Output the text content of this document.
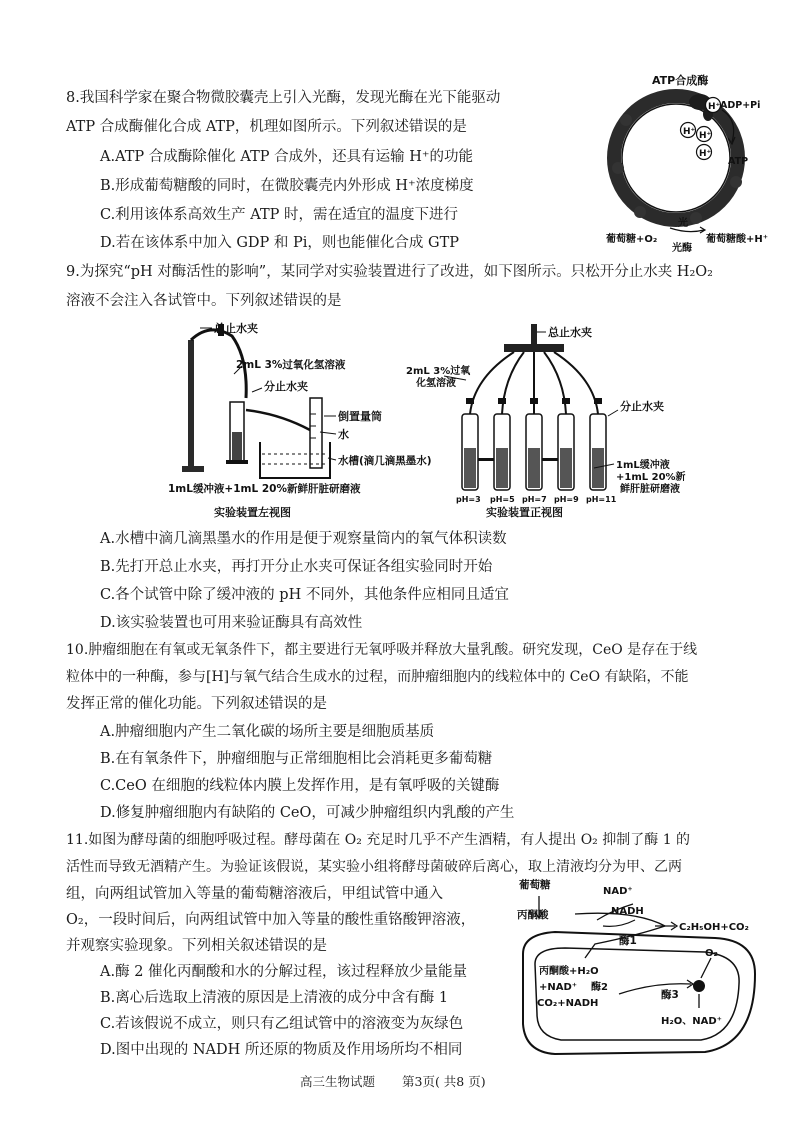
8.我国科学家在聚合物微胶囊壳上引入光酶，发现光酶在光下能驱动
ATP 合成酶催化合成 ATP，机理如图所示。下列叙述错误的是
A.ATP 合成酶除催化 ATP 合成外，还具有运输 H⁺的功能
B.形成葡萄糖酸的同时，在微胶囊壳内外形成 H⁺浓度梯度
C.利用该体系高效生产 ATP 时，需在适宜的温度下进行
D.若在该体系中加入 GDP 和 Pi，则也能催化合成 GTP
H⁺
H⁺ H⁺
H⁺
ATP合成酶
ADP+Pi
ATP
葡萄糖+O₂
光
光酶
葡萄糖酸+H⁺
9.为探究“pH 对酶活性的影响”，某同学对实验装置进行了改进，如下图所示。只松开分止水夹 H₂O₂
溶液不会注入各试管中。下列叙述错误的是
总止水夹
2mL 3%过氧化氢溶液
分止水夹
倒置量筒
水
水槽(滴几滴黑墨水)
1mL缓冲液+1mL 20%新鲜肝脏研磨液
实验装置左视图
总止水夹
2mL 3%过氧
化氢溶液
分止水夹
1mL缓冲液
+1mL 20%新
鲜肝脏研磨液
pH=3 pH=5 pH=7 pH=9 pH=11
实验装置正视图
A.水槽中滴几滴黑墨水的作用是便于观察量筒内的氧气体积读数
B.先打开总止水夹，再打开分止水夹可保证各组实验同时开始
C.各个试管中除了缓冲液的 pH 不同外，其他条件应相同且适宜
D.该实验装置也可用来验证酶具有高效性
10.肿瘤细胞在有氧或无氧条件下，都主要进行无氧呼吸并释放大量乳酸。研究发现，CeO 是存在于线
粒体中的一种酶，参与[H]与氧气结合生成水的过程，而肿瘤细胞内的线粒体中的 CeO 有缺陷，不能
发挥正常的催化功能。下列叙述错误的是
A.肿瘤细胞内产生二氧化碳的场所主要是细胞质基质
B.在有氧条件下，肿瘤细胞与正常细胞相比会消耗更多葡萄糖
C.CeO 在细胞的线粒体内膜上发挥作用，是有氧呼吸的关键酶
D.修复肿瘤细胞内有缺陷的 CeO，可减少肿瘤组织内乳酸的产生
11.如图为酵母菌的细胞呼吸过程。酵母菌在 O₂ 充足时几乎不产生酒精，有人提出 O₂ 抑制了酶 1 的
活性而导致无酒精产生。为验证该假说，某实验小组将酵母菌破碎后离心，取上清液均分为甲、乙两
组，向两组试管加入等量的葡萄糖溶液后，甲组试管中通入
O₂，一段时间后，向两组试管中加入等量的酸性重铬酸钾溶液，
并观察实验现象。下列相关叙述错误的是
A.酶 2 催化丙酮酸和水的分解过程，该过程释放少量能量
B.离心后选取上清液的原因是上清液的成分中含有酶 1
C.若该假说不成立，则只有乙组试管中的溶液变为灰绿色
D.图中出现的 NADH 所还原的物质及作用场所均不相同
葡萄糖
丙酮酸
NAD⁺
NADH
酶1
C₂H₅OH+CO₂
丙酮酸+H₂O
+NAD⁺ 酶2
CO₂+NADH
酶3
O₂
H₂O、NAD⁺
高三生物试题 第3页( 共8 页)
